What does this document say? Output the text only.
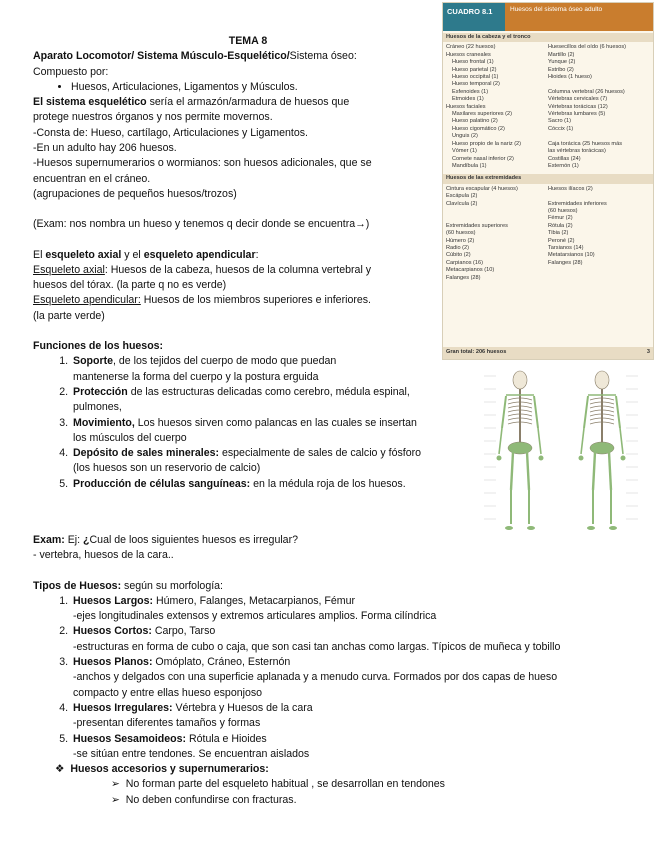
TEMA 8

Aparato Locomotor/ Sistema Músculo-Esquelético/Sistema óseo:

Compuesto por:

• Huesos, Articulaciones, Ligamentos y Músculos.

El sistema esquelético sería el armazón/armadura de huesos que

protege nuestros órganos y nos permite movernos.

-Consta de: Hueso, cartílago, Articulaciones y Ligamentos.

-En un adulto hay 206 huesos.

-Huesos supernumerarios o wormianos: son huesos adicionales, que se

encuentran en el cráneo.

(agrupaciones de pequeños huesos/trozos)

(Exam: nos nombra un hueso y tenemos q decir donde se encuentra→)

El esqueleto axial y el esqueleto apendicular:

Esqueleto axial: Huesos de la cabeza, huesos de la columna vertebral y

huesos del tórax. (la parte q no es verde)

Esqueleto apendicular: Huesos de los miembros superiores e inferiores.

(la parte verde)

Funciones de los huesos:

1. Soporte, de los tejidos del cuerpo de modo que puedan
mantenerse la forma del cuerpo y la postura erguida
2. Protección de las estructuras delicadas como cerebro, médula espinal,
pulmones,
3. Movimiento, Los huesos sirven como palancas en las cuales se insertan
los músculos del cuerpo
4. Depósito de sales minerales: especialmente de sales de calcio y fósforo
(los huesos son un reservorio de calcio)
5. Producción de células sanguíneas: en la médula roja de los huesos.

Exam: Ej: ¿Cual de loos siguientes huesos es irregular?

- vertebra, huesos de la cara..

Tipos de Huesos: según su morfología:

1. Huesos Largos: Húmero, Falanges, Metacarpianos, Fémur
-ejes longitudinales extensos y extremos articulares amplios. Forma cilíndrica
2. Huesos Cortos: Carpo, Tarso
-estructuras en forma de cubo o caja, que son casi tan anchas como largas. Típicos de muñeca y tobillo
3. Huesos Planos: Omóplato, Cráneo, Esternón
-anchos y delgados con una superficie aplanada y a menudo curva. Formados por dos capas de hueso
compacto y entre ellas hueso esponjoso
4. Huesos Irregulares: Vértebra y Huesos de la cara
-presentan diferentes tamaños y formas
5. Huesos Sesamoideos: Rótula e Hioides
-se sitúan entre tendones. Se encuentran aislados

❖  Huesos accesorios y supernumerarios:

➢  No forman parte del esqueleto habitual , se desarrollan en tendones

➢  No deben confundirse con fracturas.

CUADRO 8.1	Huesos del sistema óseo adulto
Huesos de la cabeza y el tronco
Cráneo (22 huesos)
Huesos craneales
Hueso frontal (1)
Hueso parietal (2)
Hueso occipital (1)
Hueso temporal (2)
Esfenoides (1)
Etmoides (1)
Huesos faciales
Maxilares superiores (2)
Hueso palatino (2)
Hueso cigomático (2)
Unguis (2)
Hueso propio de la nariz (2)
Vómer (1)
Cornete nasal inferior (2)
Mandíbula (1)
Huesecillos del oído (6 huesos)
Martillo (2)
Yunque (2)
Estribo (2)
Hioides (1 hueso)

Columna vertebral (26 huesos)
Vértebras cervicales (7)
Vértebras torácicas (12)
Vértebras lumbares (5)
Sacro (1)
Cóccix (1)

Caja torácica (25 huesos más
las vértebras torácicas)
Costillas (24)
Esternón (1)
Huesos de las extremidades
Cintura escapular (4 huesos)
Escápula (2)
Clavícula (2)

Extremidades superiores
(60 huesos)
Húmero (2)
Radio (2)
Cúbito (2)
Carpianos (16)
Metacarpianos (10)
Falanges (28)
Huesos ilíacos (2)

Extremidades inferiores
(60 huesos)
Fémur (2)
Rótula (2)
Tibia (2)
Peroné (2)
Tarsianos (14)
Metatarsianos (10)
Falanges (28)
Gran total: 206 huesos	3
